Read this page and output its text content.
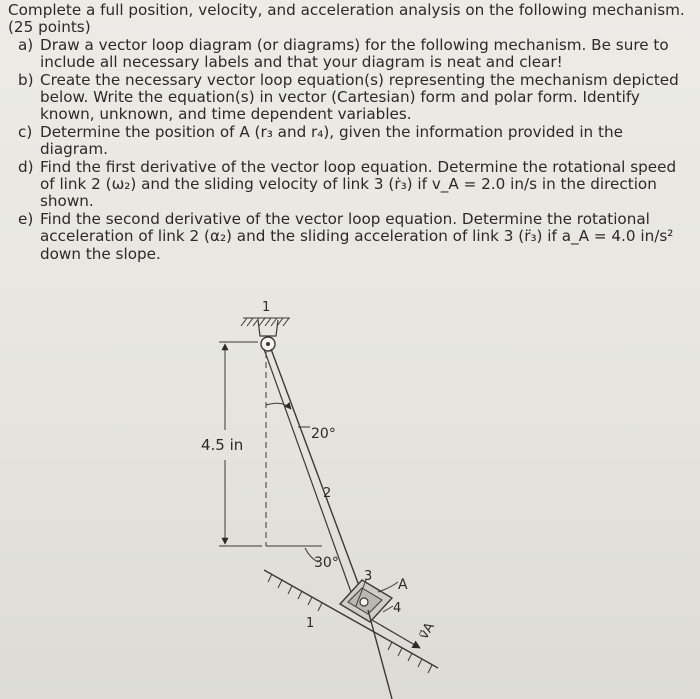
Complete a full position, velocity, and acceleration analysis on the following mechanism. (25 points)

a) Draw a vector loop diagram (or diagrams) for the following mechanism. Be sure to include all necessary labels and that your diagram is neat and clear!
b) Create the necessary vector loop equation(s) representing the mechanism depicted below. Write the equation(s) in vector (Cartesian) form and polar form. Identify known, unknown, and time dependent variables.
c) Determine the position of A (r₃ and r₄), given the information provided in the diagram.
d) Find the first derivative of the vector loop equation. Determine the rotational speed of link 2 (ω₂) and the sliding velocity of link 3 (ṙ₃) if v_A = 2.0 in/s in the direction shown.
e) Find the second derivative of the vector loop equation. Determine the rotational acceleration of link 2 (α₂) and the sliding acceleration of link 3 (r̈₃) if a_A = 4.0 in/s² down the slope.
1
2
20°
4.5 in
30°
1
3
A
4
v⃗A
